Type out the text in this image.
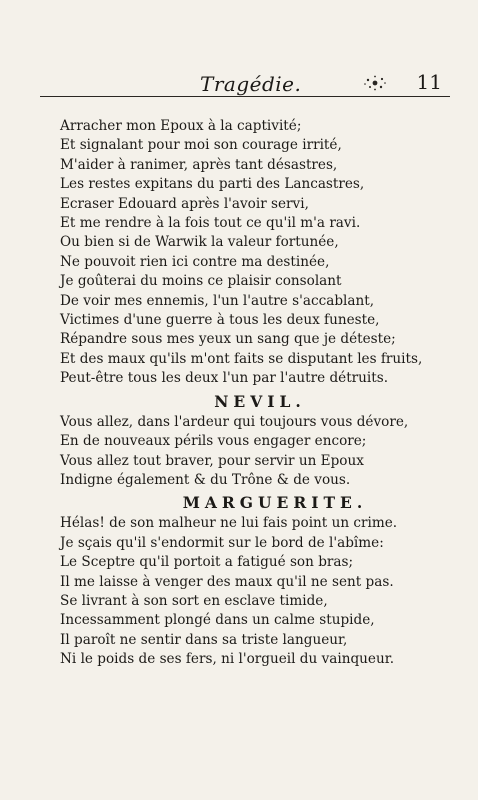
Tragédie.	11
Arracher mon Epoux à la captivité;
Et signalant pour moi son courage irrité,
M'aider à ranimer, après tant désastres,
Les restes expitans du parti des Lancastres,
Ecraser Edouard après l'avoir servi,
Et me rendre à la fois tout ce qu'il m'a ravi.
Ou bien si de Warwik la valeur fortunée,
Ne pouvoit rien ici contre ma destinée,
Je goûterai du moins ce plaisir consolant
De voir mes ennemis, l'un l'autre s'accablant,
Victimes d'une guerre à tous les deux funeste,
Répandre sous mes yeux un sang que je déteste;
Et des maux qu'ils m'ont faits se disputant les fruits,
Peut-être tous les deux l'un par l'autre détruits.
NEVIL.
Vous allez, dans l'ardeur qui toujours vous dévore,
En de nouveaux périls vous engager encore;
Vous allez tout braver, pour servir un Epoux
Indigne également & du Trône & de vous.
MARGUERITE.
Hélas! de son malheur ne lui fais point un crime.
Je sçais qu'il s'endormit sur le bord de l'abîme:
Le Sceptre qu'il portoit a fatigué son bras;
Il me laisse à venger des maux qu'il ne sent pas.
Se livrant à son sort en esclave timide,
Incessamment plongé dans un calme stupide,
Il paroît ne sentir dans sa triste langueur,
Ni le poids de ses fers, ni l'orgueil du vainqueur.
